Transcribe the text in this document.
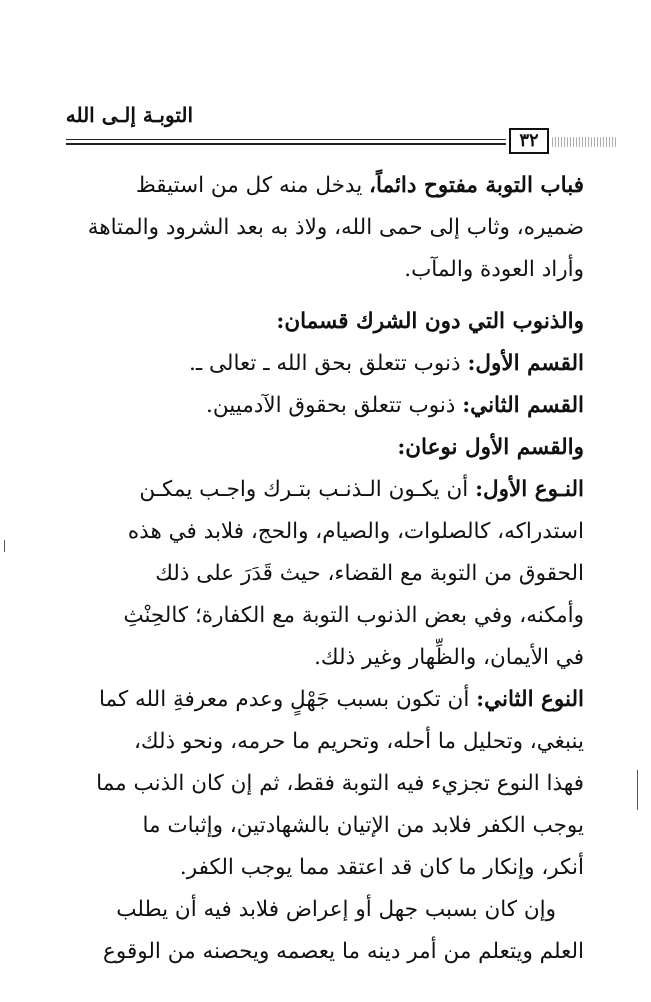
التوبـة إلـى الله
٣٢
فباب التوبة مفتوح دائماً، يدخل منه كل من استيقظ
ضميره، وثاب إلى حمى الله، ولاذ به بعد الشرود والمتاهة
وأراد العودة والمآب.
والذنوب التي دون الشرك قسمان:
القسم الأول: ذنوب تتعلق بحق الله ـ تعالى ـ.
القسم الثاني: ذنوب تتعلق بحقوق الآدميين.
والقسم الأول نوعان:
النـوع الأول: أن يكـون الـذنـب بتـرك واجـب يمكـن
استدراكه، كالصلوات، والصيام، والحج، فلابد في هذه
الحقوق من التوبة مع القضاء، حيث قَدَرَ على ذلك
وأمكنه، وفي بعض الذنوب التوبة مع الكفارة؛ كالحِنْثِ
في الأيمان، والظِّهار وغير ذلك.
النوع الثاني: أن تكون بسبب جَهْلٍ وعدم معرفةِ الله كما
ينبغي، وتحليل ما أحله، وتحريم ما حرمه، ونحو ذلك،
فهذا النوع تجزيء فيه التوبة فقط، ثم إن كان الذنب مما
يوجب الكفر فلابد من الإتيان بالشهادتين، وإثبات ما
أنكر، وإنكار ما كان قد اعتقد مما يوجب الكفر.
وإن كان بسبب جهل أو إعراض فلابد فيه أن يطلب
العلم ويتعلم من أمر دينه ما يعصمه ويحصنه من الوقوع
